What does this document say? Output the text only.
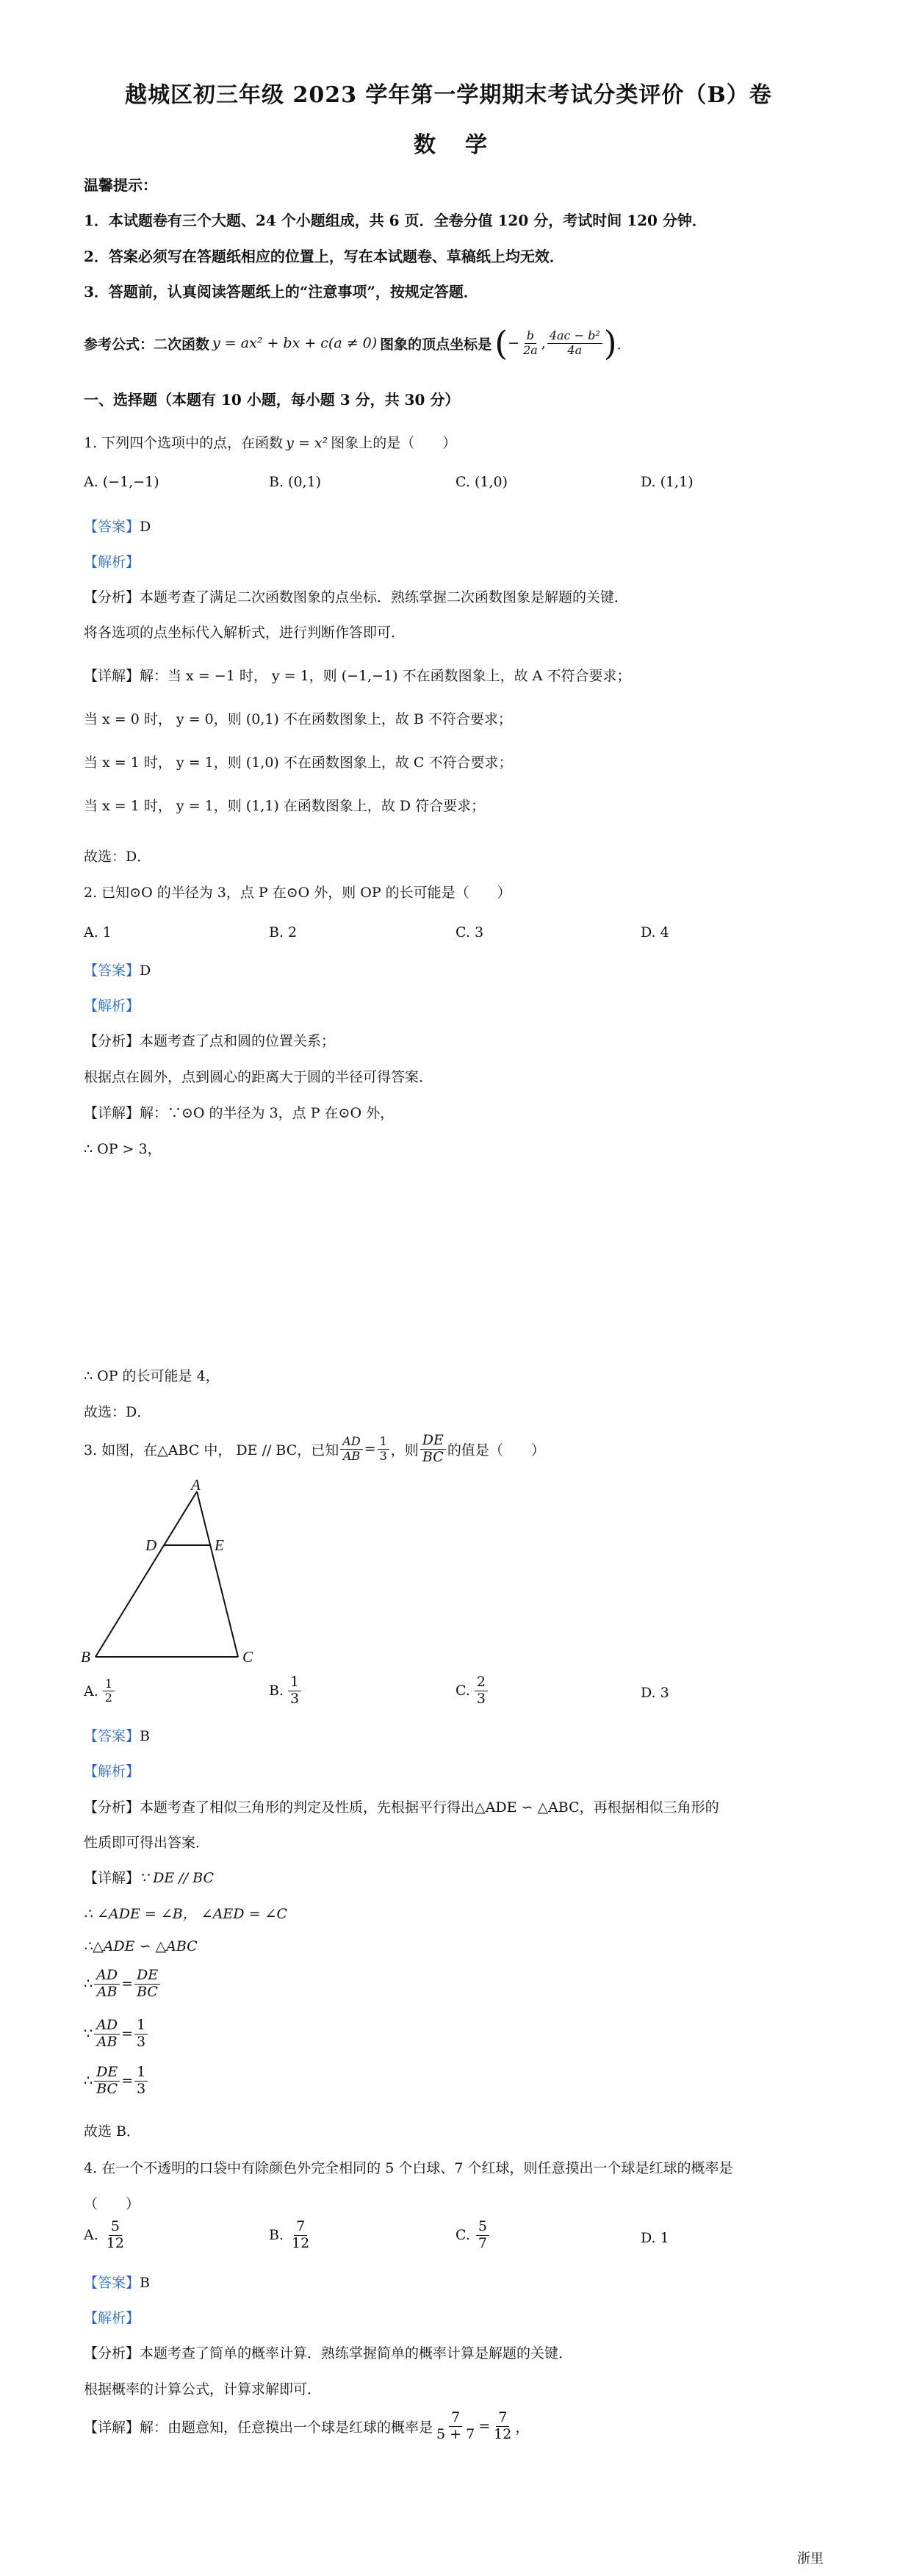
越城区初三年级 2023 学年第一学期期末考试分类评价（B）卷
数学
温馨提示：
1．本试题卷有三个大题、24 个小题组成，共 6 页．全卷分值 120 分，考试时间 120 分钟．
2．答案必须写在答题纸相应的位置上，写在本试题卷、草稿纸上均无效．
3．答题前，认真阅读答题纸上的“注意事项”，按规定答题．
参考公式：二次函数 y = ax² + bx + c(a ≠ 0) 图象的顶点坐标是 ( − $\frac{b}{2a}$ , $\frac{\text{4ac − b²}}{4a}$ ) ．
一、选择题（本题有 10 小题，每小题 3 分，共 30 分）
1. 下列四个选项中的点，在函数 y = x² 图象上的是（　　）
A. (−1,−1)	B. (0,1)	C. (1,0)	D. (1,1)
【答案】D
【解析】
【分析】本题考查了满足二次函数图象的点坐标．熟练掌握二次函数图象是解题的关键．
将各选项的点坐标代入解析式，进行判断作答即可．
【详解】解：当 x = −1 时， y = 1，则 (−1,−1) 不在函数图象上，故 A 不符合要求；
当 x = 0 时， y = 0，则 (0,1) 不在函数图象上，故 B 不符合要求；
当 x = 1 时， y = 1，则 (1,0) 不在函数图象上，故 C 不符合要求；
当 x = 1 时， y = 1，则 (1,1) 在函数图象上，故 D 符合要求；
故选：D．
2. 已知⊙O 的半径为 3，点 P 在⊙O 外，则 OP 的长可能是（　　）
A. 1	B. 2	C. 3	D. 4
【答案】D
【解析】
【分析】本题考查了点和圆的位置关系；
根据点在圆外，点到圆心的距离大于圆的半径可得答案．
【详解】解：∵⊙O 的半径为 3，点 P 在⊙O 外，
∴ OP > 3，
∴ OP 的长可能是 4，
故选：D．
3. 如图，在△ABC 中， DE // BC，已知 $\frac{AD}{AB} = \frac{1}{3}$ ，则 $\frac{DE}{BC}$ 的值是（　　）
A
D	E
B	C
A. $\frac{1}{2}$	B. $\frac{1}{3}$	C. $\frac{2}{3}$	D. 3
【答案】B
【解析】
【分析】本题考查了相似三角形的判定及性质，先根据平行得出△ADE ∽ △ABC，再根据相似三角形的
性质即可得出答案．
【详解】∵ DE // BC
∴ ∠ADE = ∠B， ∠AED = ∠C
∴△ADE ∽ △ABC
∴ $\frac{AD}{AB} = \frac{DE}{BC}$
∵ $\frac{AD}{AB} = \frac{1}{3}$
∴ $\frac{DE}{BC} = \frac{1}{3}$
故选 B．
4. 在一个不透明的口袋中有除颜色外完全相同的 5 个白球、7 个红球，则任意摸出一个球是红球的概率是
（　　）
A. $\frac{5}{12}$	B. $\frac{7}{12}$	C. $\frac{5}{7}$	D. 1
【答案】B
【解析】
【分析】本题考查了简单的概率计算．熟练掌握简单的概率计算是解题的关键．
根据概率的计算公式，计算求解即可．
【详解】 解：由题意知，任意摸出一个球是红球的概率是 $\frac{7}{5 + 7} = \frac{7}{12}$ ，
浙里
